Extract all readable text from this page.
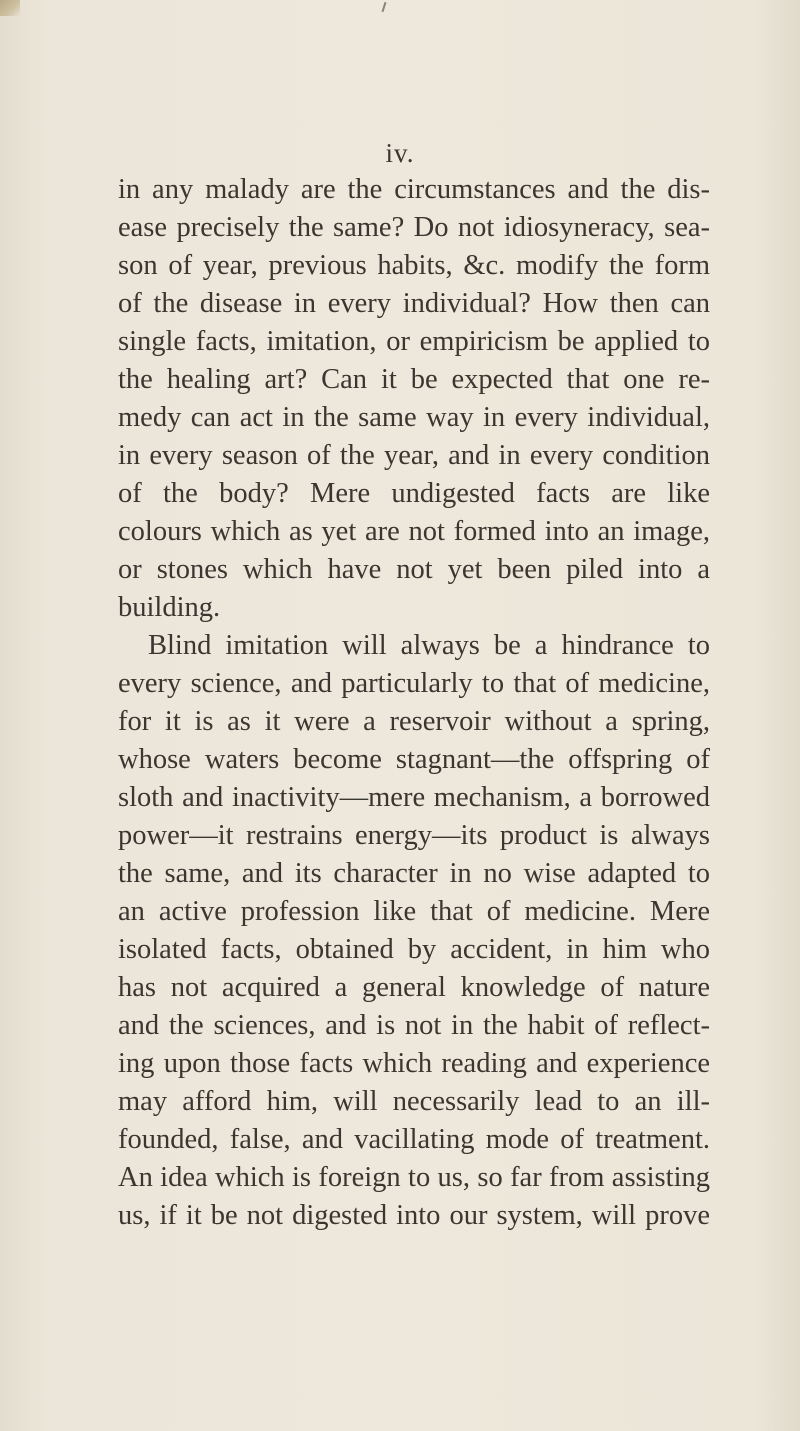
iv.
in any malady are the circumstances and the dis-
ease precisely the same? Do not idiosyneracy, sea-
son of year, previous habits, &c. modify the form
of the disease in every individual? How then can
single facts, imitation, or empiricism be applied to
the healing art? Can it be expected that one re-
medy can act in the same way in every individual,
in every season of the year, and in every condition
of the body? Mere undigested facts are like
colours which as yet are not formed into an image,
or stones which have not yet been piled into a
building.
Blind imitation will always be a hindrance to
every science, and particularly to that of medicine,
for it is as it were a reservoir without a spring,
whose waters become stagnant—the offspring of
sloth and inactivity—mere mechanism, a borrowed
power—it restrains energy—its product is always
the same, and its character in no wise adapted to
an active profession like that of medicine. Mere
isolated facts, obtained by accident, in him who
has not acquired a general knowledge of nature
and the sciences, and is not in the habit of reflect-
ing upon those facts which reading and experience
may afford him, will necessarily lead to an ill-
founded, false, and vacillating mode of treatment.
An idea which is foreign to us, so far from assisting
us, if it be not digested into our system, will prove
